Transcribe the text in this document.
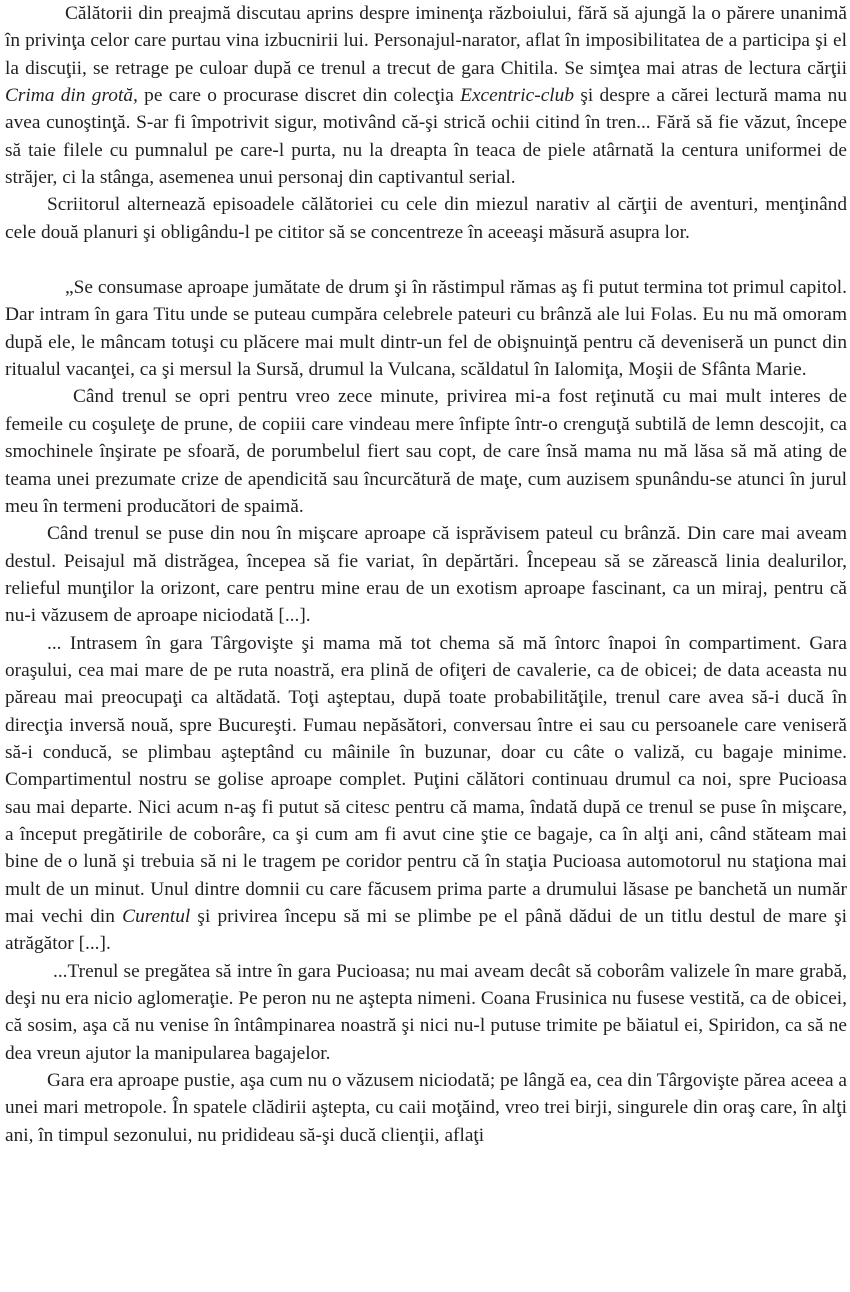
Călătorii din preajmă discutau aprins despre iminenţa războiului, fără să ajungă la o părere unanimă în privinţa celor care purtau vina izbucnirii lui. Personajul-narator, aflat în imposibilitatea de a participa şi el la discuţii, se retrage pe culoar după ce trenul a trecut de gara Chitila. Se simţea mai atras de lectura cărţii Crima din grotă, pe care o procurase discret din colecţia Excentric-club şi despre a cărei lectură mama nu avea cunoştinţă. S-ar fi împotrivit sigur, motivând că-şi strică ochii citind în tren... Fără să fie văzut, începe să taie filele cu pumnalul pe care-l purta, nu la dreapta în teaca de piele atârnată la centura uniformei de străjer, ci la stânga, asemenea unui personaj din captivantul serial.

Scriitorul alternează episoadele călătoriei cu cele din miezul narativ al cărţii de aventuri, menţinând cele două planuri şi obligându-l pe cititor să se concentreze în aceeaşi măsură asupra lor.

„Se consumase aproape jumătate de drum şi în răstimpul rămas aş fi putut termina tot primul capitol. Dar intram în gara Titu unde se puteau cumpăra celebrele pateuri cu brânză ale lui Folas. Eu nu mă omoram după ele, le mâncam totuşi cu plăcere mai mult dintr-un fel de obişnuinţă pentru că deveniseră un punct din ritualul vacanţei, ca şi mersul la Sursă, drumul la Vulcana, scăldatul în Ialomiţa, Moşii de Sfânta Marie.

Când trenul se opri pentru vreo zece minute, privirea mi-a fost reţinută cu mai mult interes de femeile cu coşuleţe de prune, de copiii care vindeau mere înfipte într-o crenguţă subtilă de lemn descojit, ca smochinele înşirate pe sfoară, de porumbelul fiert sau copt, de care însă mama nu mă lăsa să mă ating de teama unei prezumate crize de apendicită sau încurcătură de maţe, cum auzisem spunându-se atunci în jurul meu în termeni producători de spaimă.

Când trenul se puse din nou în mişcare aproape că isprăvisem pateul cu brânză. Din care mai aveam destul. Peisajul mă distrăgea, începea să fie variat, în depărtări. Începeau să se zărească linia dealurilor, relieful munţilor la orizont, care pentru mine erau de un exotism aproape fascinant, ca un miraj, pentru că nu-i văzusem de aproape niciodată [...].

... Intrasem în gara Târgovişte şi mama mă tot chema să mă întorc înapoi în compartiment. Gara oraşului, cea mai mare de pe ruta noastră, era plină de ofiţeri de cavalerie, ca de obicei; de data aceasta nu păreau mai preocupaţi ca altădată. Toţi aşteptau, după toate probabilităţile, trenul care avea să-i ducă în direcţia inversă nouă, spre Bucureşti. Fumau nepăsători, conversau între ei sau cu persoanele care veniseră să-i conducă, se plimbau aşteptând cu mâinile în buzunar, doar cu câte o valiză, cu bagaje minime. Compartimentul nostru se golise aproape complet. Puţini călători continuau drumul ca noi, spre Pucioasa sau mai departe. Nici acum n-aş fi putut să citesc pentru că mama, îndată după ce trenul se puse în mişcare, a început pregătirile de coborâre, ca şi cum am fi avut cine ştie ce bagaje, ca în alţi ani, când stăteam mai bine de o lună şi trebuia să ni le tragem pe coridor pentru că în staţia Pucioasa automotorul nu staţiona mai mult de un minut. Unul dintre domnii cu care făcusem prima parte a drumului lăsase pe banchetă un număr mai vechi din Curentul şi privirea începu să mi se plimbe pe el până dădui de un titlu destul de mare şi atrăgător [...].

...Trenul se pregătea să intre în gara Pucioasa; nu mai aveam decât să coborâm valizele în mare grabă, deşi nu era nicio aglomeraţie. Pe peron nu ne aştepta nimeni. Coana Frusinica nu fusese vestită, ca de obicei, că sosim, aşa că nu venise în întâmpinarea noastră şi nici nu-l putuse trimite pe băiatul ei, Spiridon, ca să ne dea vreun ajutor la manipularea bagajelor.

Gara era aproape pustie, aşa cum nu o văzusem niciodată; pe lângă ea, cea din Târgovişte părea aceea a unei mari metropole. În spatele clădirii aştepta, cu caii moţăind, vreo trei birji, singurele din oraş care, în alţi ani, în timpul sezonului, nu pridideau să-şi ducă clienţii, aflaţi
